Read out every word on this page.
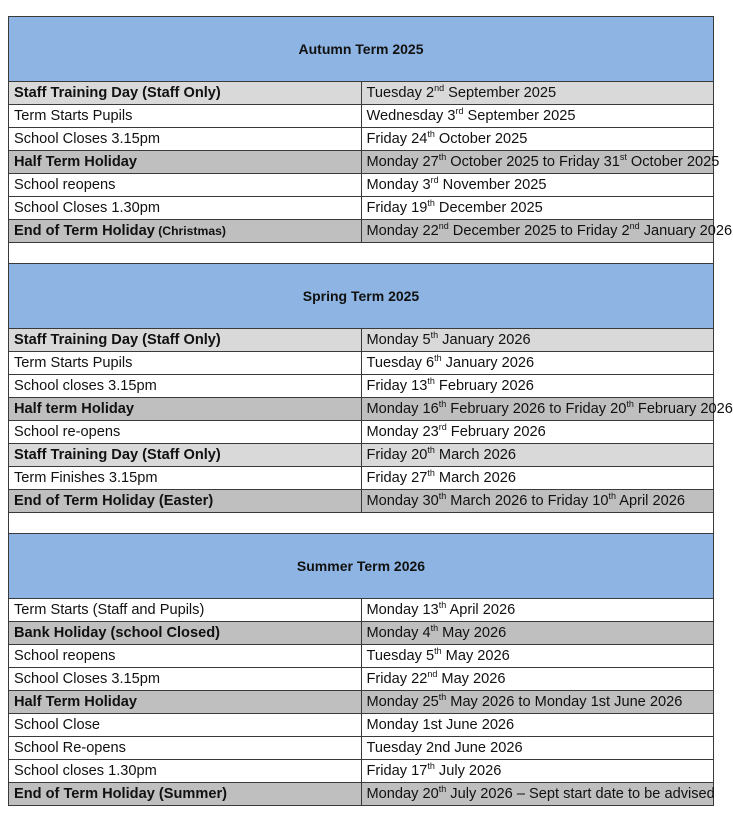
Autumn Term 2025	
Staff Training Day (Staff Only)	Tuesday 2nd September 2025
Term Starts Pupils	Wednesday 3rd September 2025
School Closes 3.15pm	Friday 24th October 2025
Half Term Holiday	Monday 27th October 2025 to Friday 31st October 2025
School reopens	Monday 3rd November 2025
School Closes 1.30pm	Friday 19th December 2025
End of Term Holiday (Christmas)	Monday 22nd December 2025 to Friday 2nd January 2026

Spring Term 2025	
Staff Training Day (Staff Only)	Monday 5th January 2026
Term Starts Pupils	Tuesday 6th January 2026
School closes 3.15pm	Friday 13th February 2026
Half term Holiday	Monday 16th February 2026 to Friday 20th February 2026
School re-opens	Monday 23rd February 2026
Staff Training Day (Staff Only)	Friday 20th March 2026
Term Finishes 3.15pm	Friday 27th March 2026
End of Term Holiday (Easter)	Monday 30th March 2026 to Friday 10th April 2026

Summer Term 2026	
Term Starts (Staff and Pupils)	Monday 13th April 2026
Bank Holiday (school Closed)	Monday 4th May 2026
School reopens	Tuesday 5th May 2026
School Closes 3.15pm	Friday 22nd May 2026
Half Term Holiday	Monday 25th May 2026 to Monday 1st June 2026
School Close	Monday 1st June 2026
School Re-opens	Tuesday 2nd June 2026
School closes 1.30pm	Friday 17th July 2026
End of Term Holiday (Summer)	Monday 20th July 2026 – Sept start date to be advised
